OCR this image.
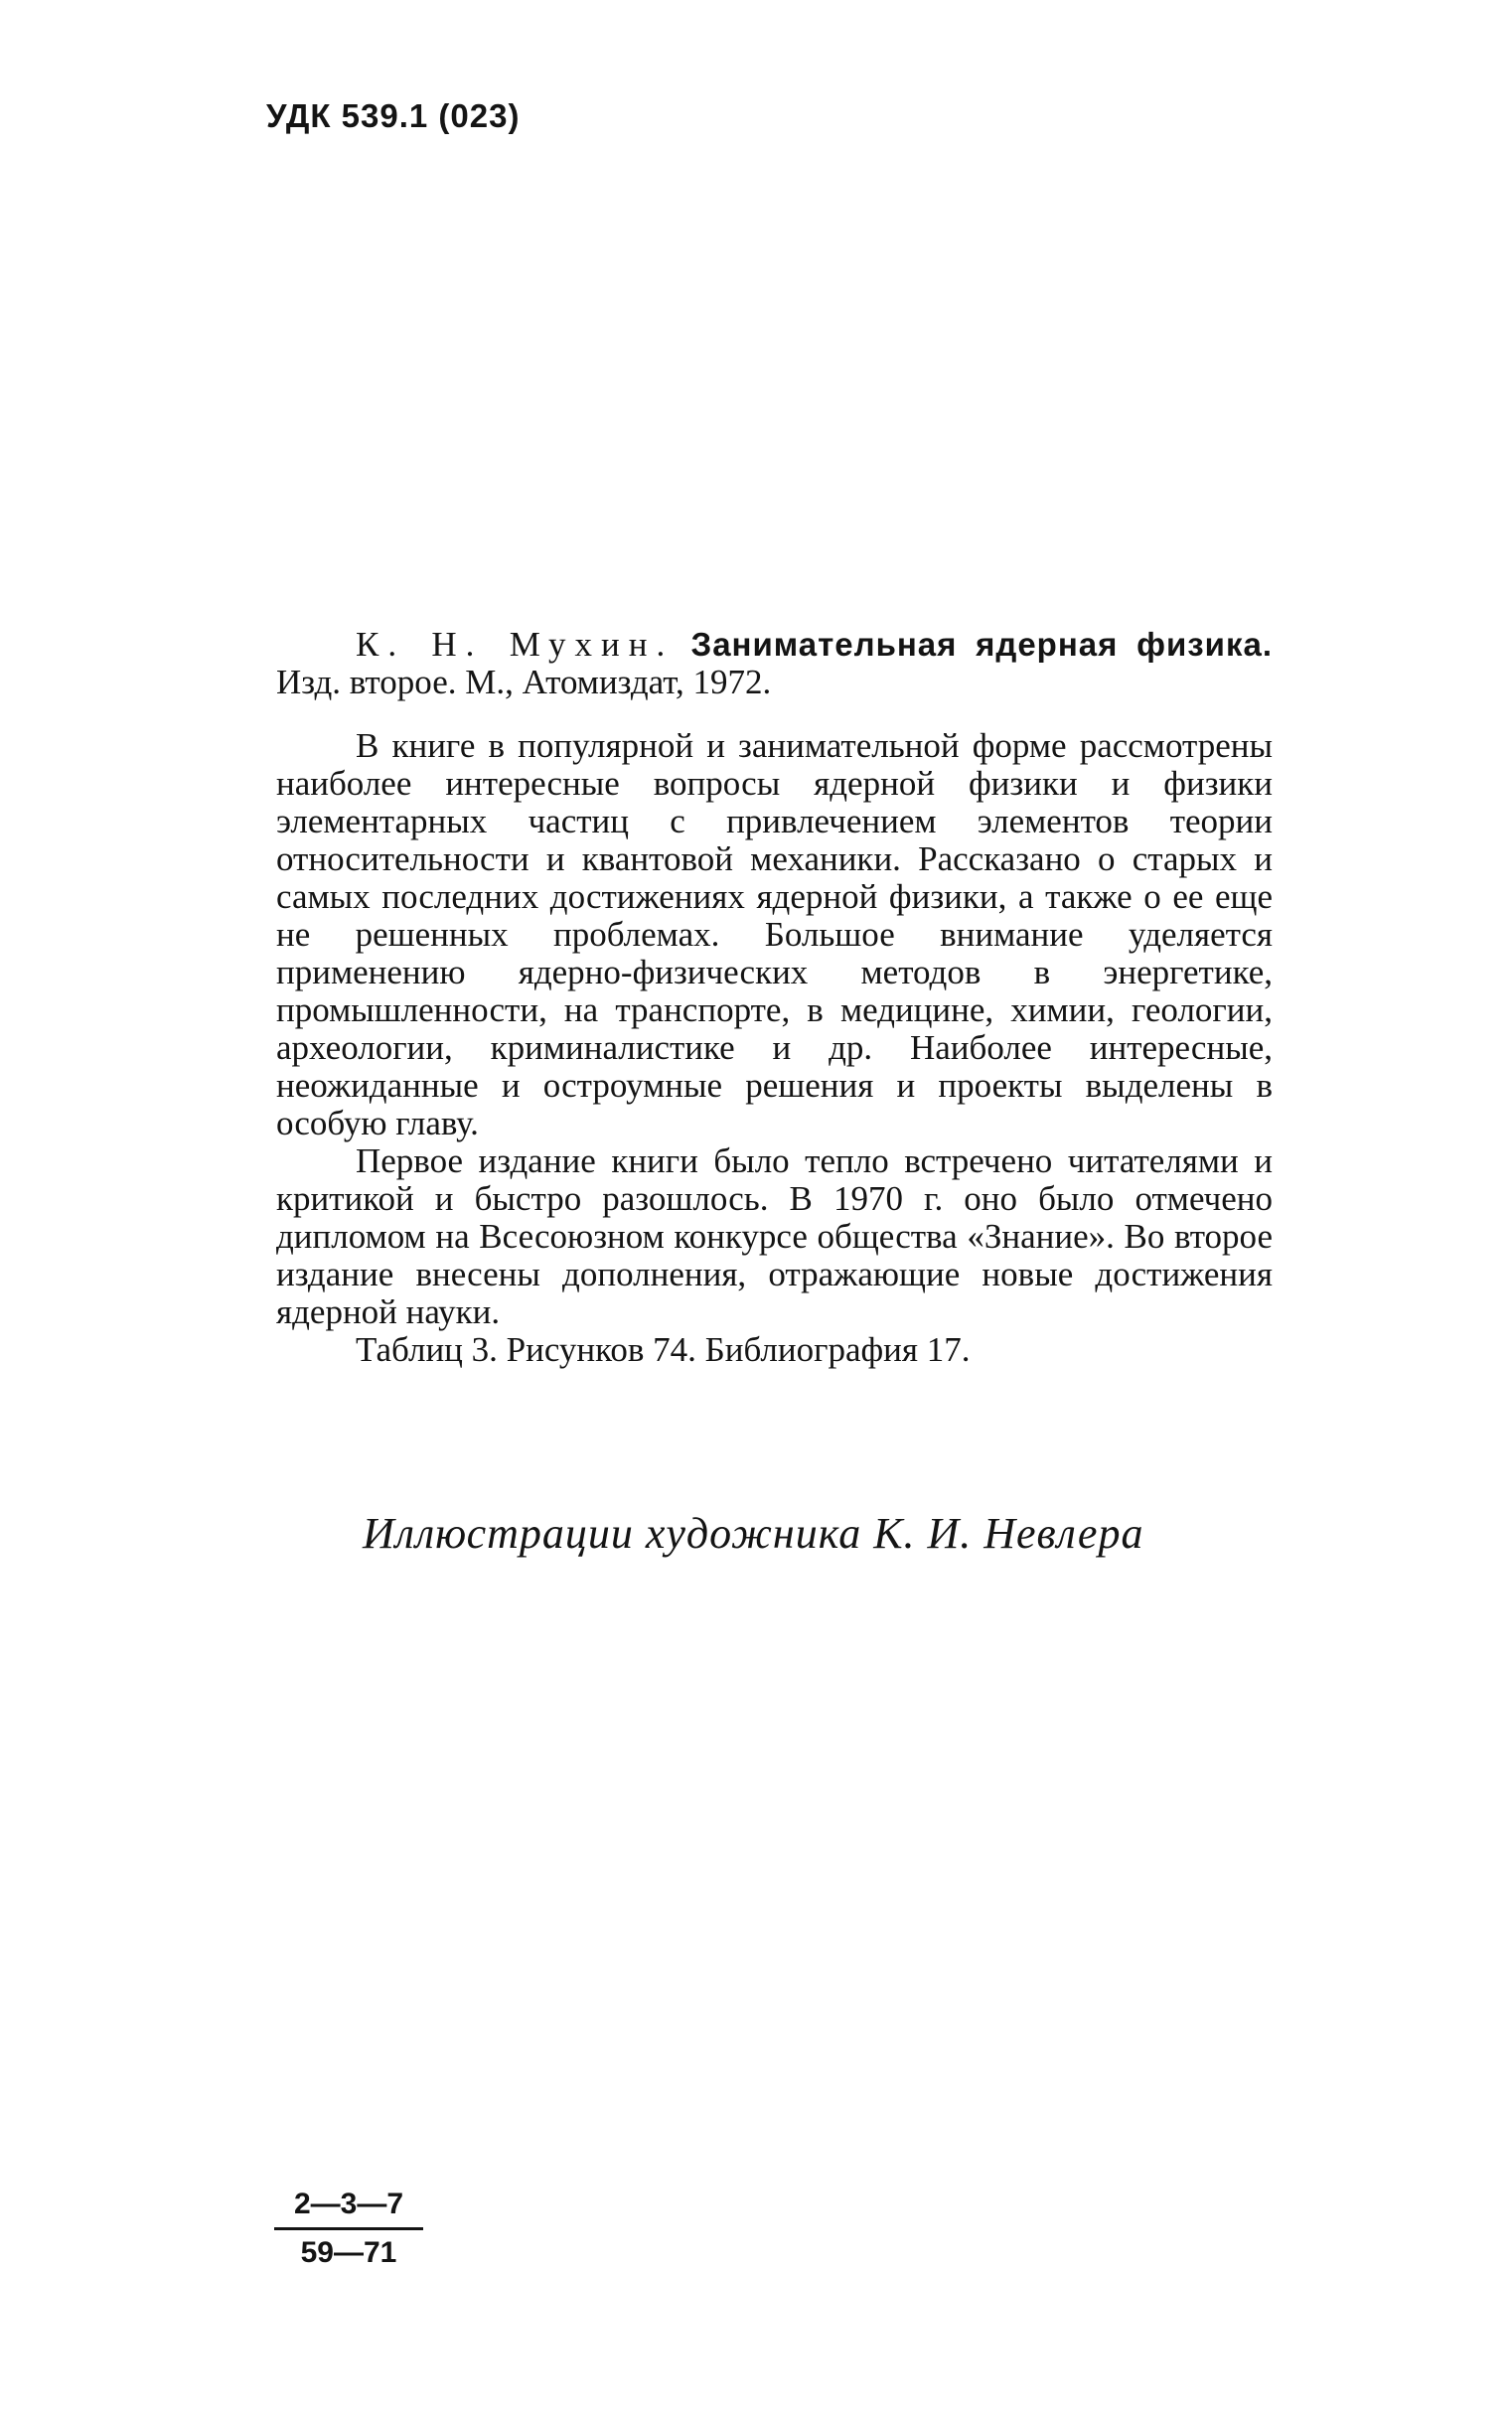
УДК 539.1 (023)

К. Н. Мухин. Занимательная ядерная физика. Изд. второе. М., Атомиздат, 1972.

В книге в популярной и занимательной форме рассмотрены наиболее интересные вопросы ядерной физики и физики элементарных частиц с привлечением элементов теории относительности и квантовой механики. Рассказано о старых и самых последних достижениях ядерной физики, а также о ее еще не решенных проблемах. Большое внимание уделяется применению ядерно-физических методов в энергетике, промышленности, на транспорте, в медицине, химии, геологии, археологии, криминалистике и др. Наиболее интересные, неожиданные и остроумные решения и проекты выделены в особую главу.

Первое издание книги было тепло встречено читателями и критикой и быстро разошлось. В 1970 г. оно было отмечено дипломом на Всесоюзном конкурсе общества «Знание». Во второе издание внесены дополнения, отражающие новые достижения ядерной науки.

Таблиц 3. Рисунков 74. Библиография 17.

Иллюстрации художника К. И. Невлера
$\frac{2—3—7}{59—71}$
